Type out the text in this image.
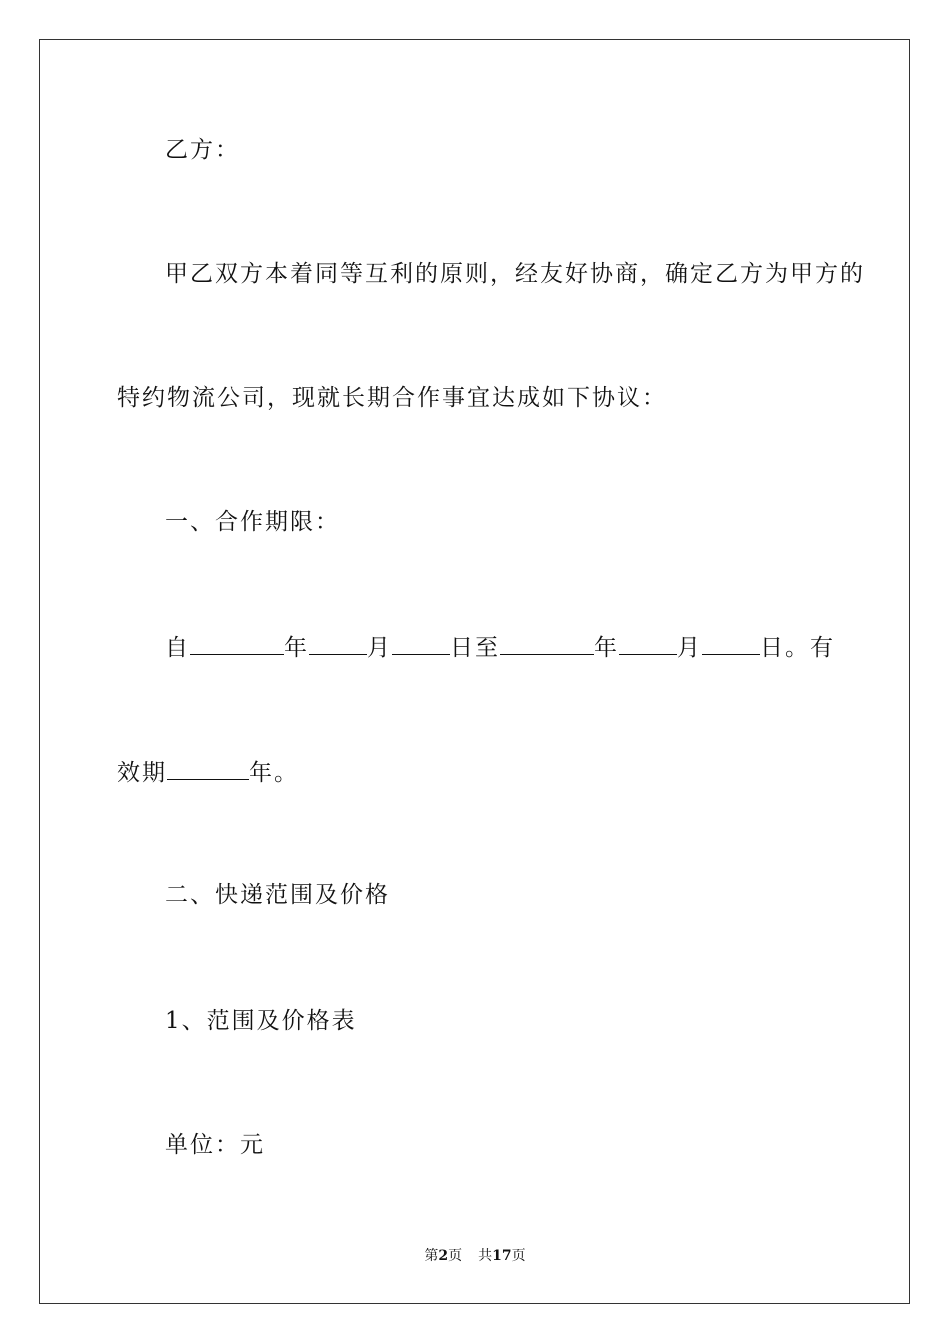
乙方：
甲乙双方本着同等互利的原则，经友好协商，确定乙方为甲方的
特约物流公司，现就长期合作事宜达成如下协议：
一、合作期限：
自	年	月	日至	年	月	日。有
效期	年。
二、快递范围及价格
1、范围及价格表
单位：元
第2页 共17页
